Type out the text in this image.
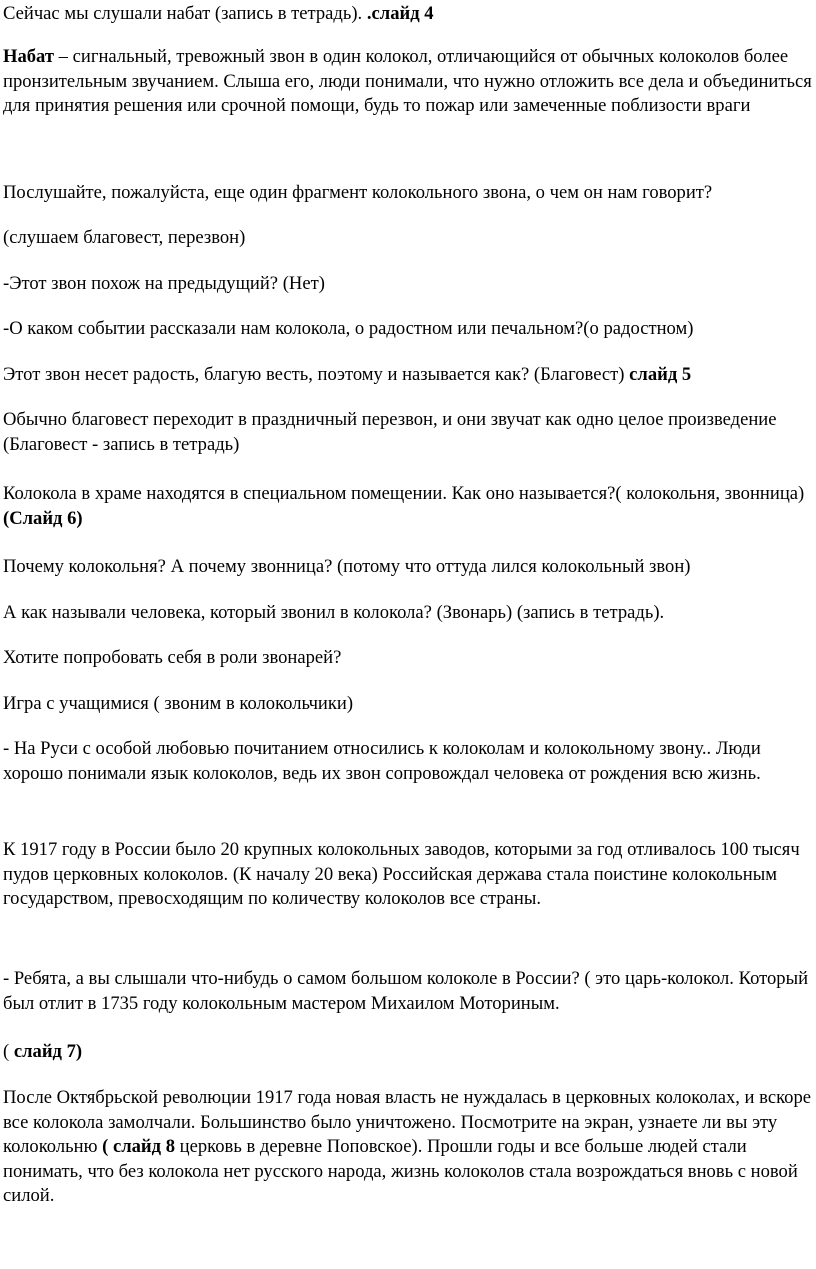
Сейчас мы слушали набат (запись в тетрадь). .слайд 4

Набат – сигнальный, тревожный звон в один колокол, отличающийся от обычных колоколов более пронзительным звучанием. Слыша его, люди понимали, что нужно отложить все дела и объединиться для принятия решения или срочной помощи, будь то пожар или замеченные поблизости враги

Послушайте, пожалуйста, еще один фрагмент колокольного звона, о чем он нам говорит?

(слушаем благовест, перезвон)

-Этот звон похож на предыдущий? (Нет)

-О каком событии рассказали нам колокола, о радостном или печальном?(о радостном)

Этот звон несет радость, благую весть, поэтому и называется как? (Благовест) слайд 5

Обычно благовест переходит в праздничный перезвон, и они звучат как одно целое произведение (Благовест - запись в тетрадь)

Колокола в храме находятся в специальном помещении. Как оно называется?( колокольня, звонница) (Слайд 6)

Почему колокольня? А почему звонница? (потому что оттуда лился колокольный звон)

А как называли человека, который звонил в колокола? (Звонарь) (запись в тетрадь).

Хотите попробовать себя в роли звонарей?

Игра с учащимися ( звоним в колокольчики)

- На Руси с особой любовью почитанием относились к колоколам и колокольному звону.. Люди хорошо понимали язык колоколов, ведь их звон сопровождал человека от рождения всю жизнь.

К 1917 году в России было 20 крупных колокольных заводов, которыми за год отливалось 100 тысяч пудов церковных колоколов. (К началу 20 века) Российская держава стала поистине колокольным государством, превосходящим по количеству колоколов все страны.

- Ребята, а вы слышали что-нибудь о самом большом колоколе в России? ( это царь-колокол. Который был отлит в 1735 году колокольным мастером Михаилом Моториным.

( слайд 7)

После Октябрьской революции 1917 года новая власть не нуждалась в церковных колоколах, и вскоре все колокола замолчали. Большинство было уничтожено. Посмотрите на экран, узнаете ли вы эту колокольню ( слайд 8 церковь в деревне Поповское). Прошли годы и все больше людей стали понимать, что без колокола нет русского народа, жизнь колоколов стала возрождаться вновь с новой силой.
